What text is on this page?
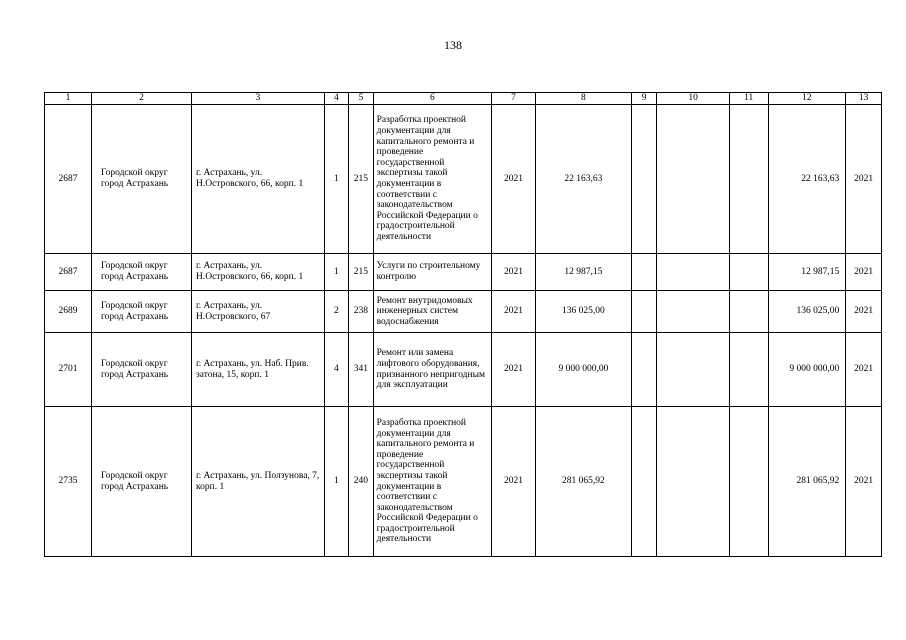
138
1	2	3	4	5	6	7	8	9	10	11	12	13
2687	Городской округ город Астрахань	г. Астрахань, ул. Н.Островского, 66, корп. 1	1	215	Разработка проектной документации для капитального ремонта и проведение государственной экспертизы такой документации в соответствии с законодательством Российской Федерации о градостроительной деятельности	2021	22 163,63				22 163,63	2021
2687	Городской округ город Астрахань	г. Астрахань, ул. Н.Островского, 66, корп. 1	1	215	Услуги по строительному контролю	2021	12 987,15				12 987,15	2021
2689	Городской округ город Астрахань	г. Астрахань, ул. Н.Островского, 67	2	238	Ремонт внутридомовых инженерных систем водоснабжения	2021	136 025,00				136 025,00	2021
2701	Городской округ город Астрахань	г. Астрахань, ул. Наб. Прив. затона, 15, корп. 1	4	341	Ремонт или замена лифтового оборудования, признанного непригодным для эксплуатации	2021	9 000 000,00				9 000 000,00	2021
2735	Городской округ город Астрахань	г. Астрахань, ул. Ползунова, 7, корп. 1	1	240	Разработка проектной документации для капитального ремонта и проведение государственной экспертизы такой документации в соответствии с законодательством Российской Федерации о градостроительной деятельности	2021	281 065,92				281 065,92	2021
